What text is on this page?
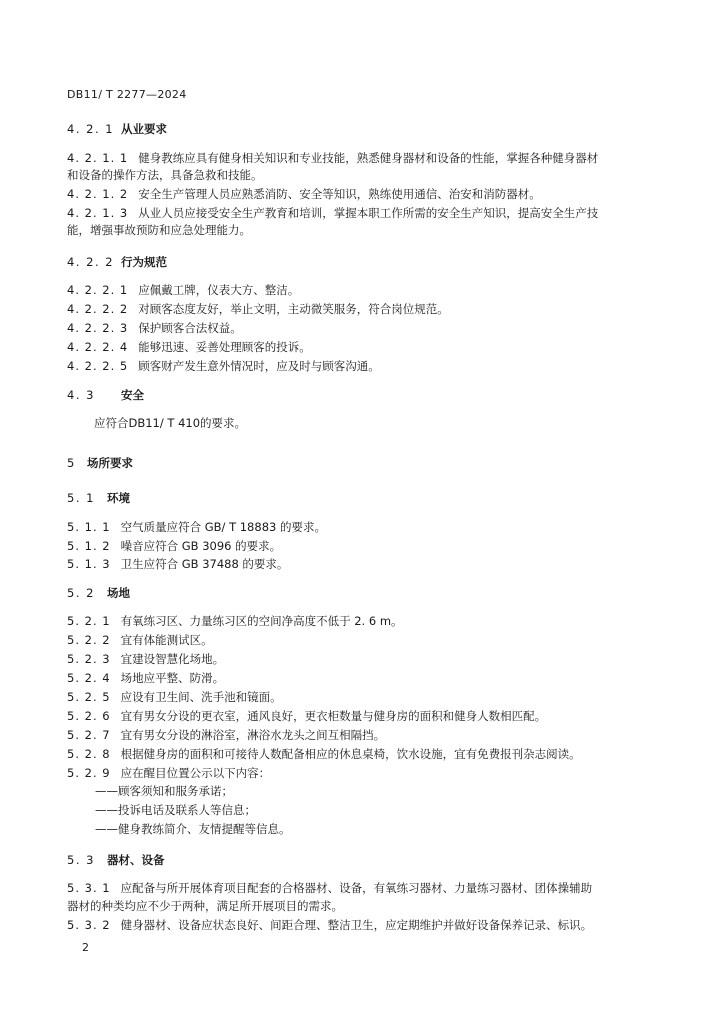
DB11/ T 2277—2024
4. 2. 1 从业要求
4. 2. 1. 1 健身教练应具有健身相关知识和专业技能，熟悉健身器材和设备的性能，掌握各种健身器材
和设备的操作方法，具备急救和技能。
4. 2. 1. 2 安全生产管理人员应熟悉消防、安全等知识，熟练使用通信、治安和消防器材。
4. 2. 1. 3 从业人员应接受安全生产教育和培训，掌握本职工作所需的安全生产知识，提高安全生产技
能，增强事故预防和应急处理能力。
4. 2. 2 行为规范
4. 2. 2. 1 应佩戴工牌，仪表大方、整洁。
4. 2. 2. 2 对顾客态度友好，举止文明，主动微笑服务，符合岗位规范。
4. 2. 2. 3 保护顾客合法权益。
4. 2. 2. 4 能够迅速、妥善处理顾客的投诉。
4. 2. 2. 5 顾客财产发生意外情况时，应及时与顾客沟通。
4. 3 安全
应符合DB11/ T 410的要求。
5 场所要求
5. 1 环境
5. 1. 1 空气质量应符合 GB/ T 18883 的要求。
5. 1. 2 噪音应符合 GB 3096 的要求。
5. 1. 3 卫生应符合 GB 37488 的要求。
5. 2 场地
5. 2. 1 有氧练习区、力量练习区的空间净高度不低于 2. 6 m。
5. 2. 2 宜有体能测试区。
5. 2. 3 宜建设智慧化场地。
5. 2. 4 场地应平整、防滑。
5. 2. 5 应设有卫生间、洗手池和镜面。
5. 2. 6 宜有男女分设的更衣室，通风良好，更衣柜数量与健身房的面积和健身人数相匹配。
5. 2. 7 宜有男女分设的淋浴室，淋浴水龙头之间互相隔挡。
5. 2. 8 根据健身房的面积和可接待人数配备相应的休息桌椅，饮水设施，宜有免费报刊杂志阅读。
5. 2. 9 应在醒目位置公示以下内容：
——顾客须知和服务承诺；
——投诉电话及联系人等信息；
——健身教练简介、友情提醒等信息。
5. 3 器材、设备
5. 3. 1 应配备与所开展体育项目配套的合格器材、设备，有氧练习器材、力量练习器材、团体操辅助
器材的种类均应不少于两种，满足所开展项目的需求。
5. 3. 2 健身器材、设备应状态良好、间距合理、整洁卫生，应定期维护并做好设备保养记录、标识。
2
